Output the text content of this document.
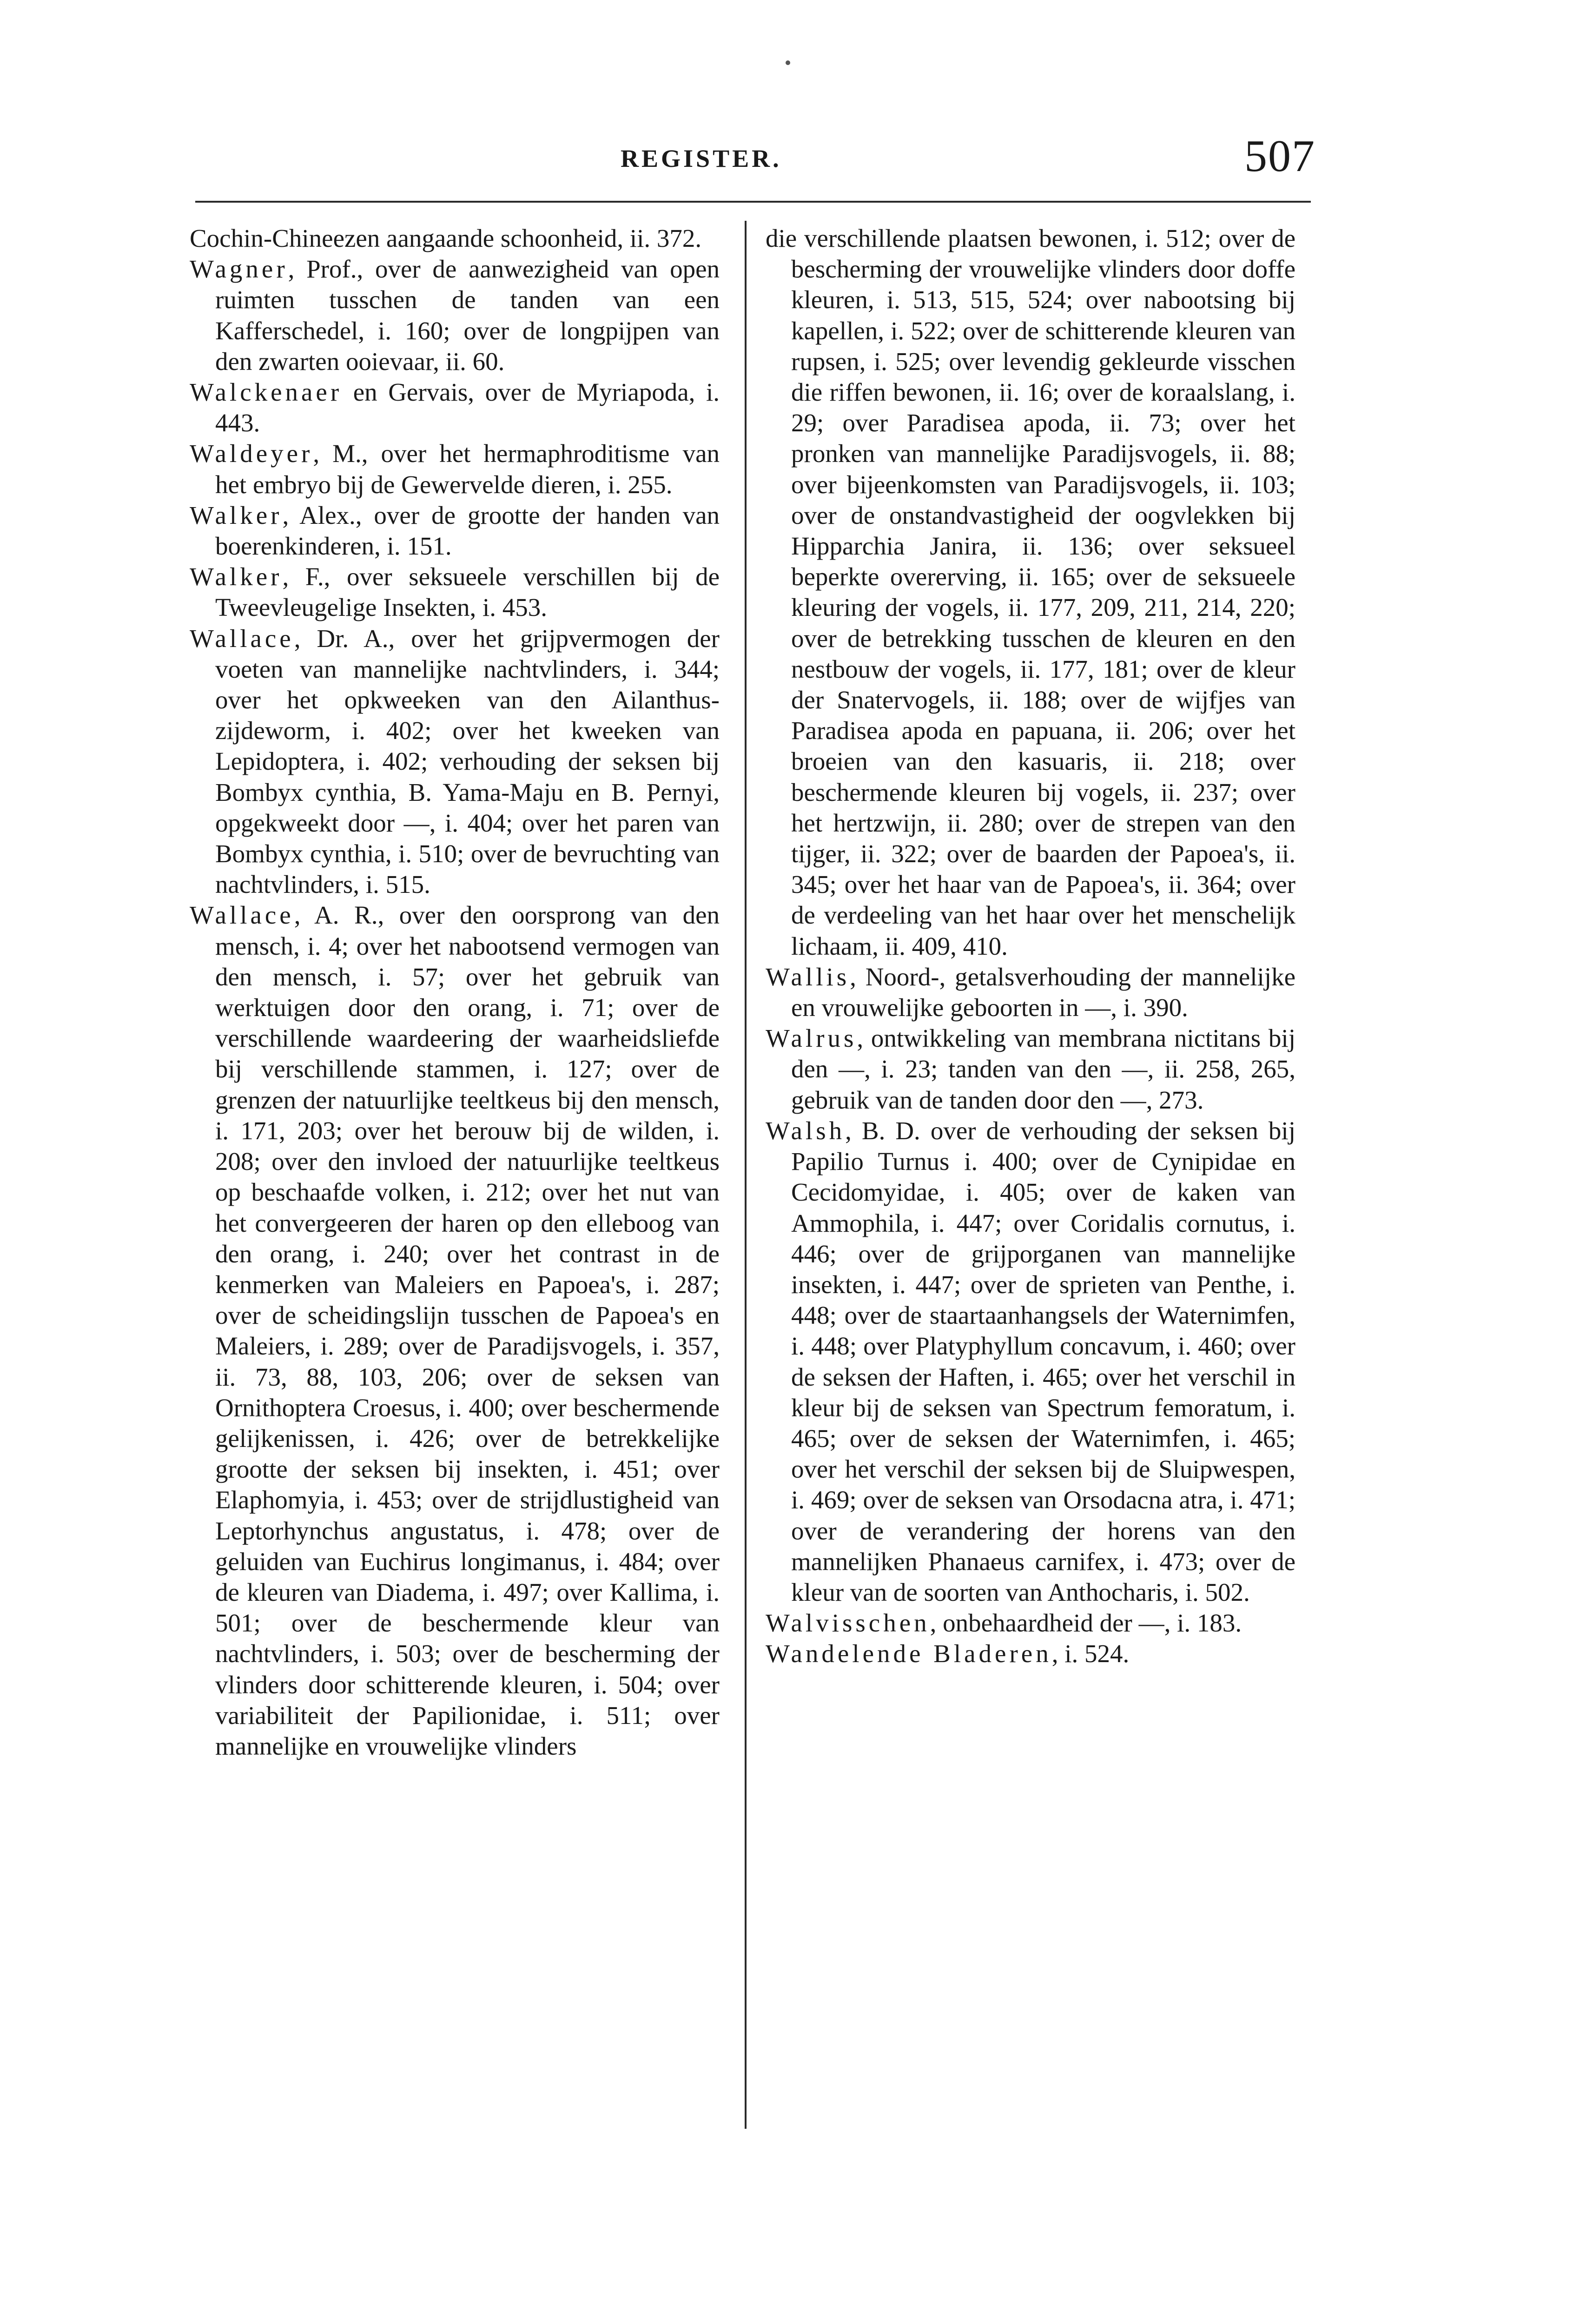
REGISTER.	507

Cochin-Chineezen aangaande schoonheid, ii. 372.

Wagner, Prof., over de aanwezigheid van open ruimten tusschen de tanden van een Kafferschedel, i. 160; over de longpijpen van den zwarten ooievaar, ii. 60.

Walckenaer en Gervais, over de Myriapoda, i. 443.

Waldeyer, M., over het hermaphroditisme van het embryo bij de Gewervelde dieren, i. 255.

Walker, Alex., over de grootte der handen van boerenkinderen, i. 151.

Walker, F., over seksueele verschillen bij de Tweevleugelige Insekten, i. 453.

Wallace, Dr. A., over het grijpvermogen der voeten van mannelijke nachtvlinders, i. 344; over het opkweeken van den Ailanthus-zijdeworm, i. 402; over het kweeken van Lepidoptera, i. 402; verhouding der seksen bij Bombyx cynthia, B. Yama-Maju en B. Pernyi, opgekweekt door —, i. 404; over het paren van Bombyx cynthia, i. 510; over de bevruchting van nachtvlinders, i. 515.

Wallace, A. R., over den oorsprong van den mensch, i. 4; over het nabootsend vermogen van den mensch, i. 57; over het gebruik van werktuigen door den orang, i. 71; over de verschillende waardeering der waarheidsliefde bij verschillende stammen, i. 127; over de grenzen der natuurlijke teeltkeus bij den mensch, i. 171, 203; over het berouw bij de wilden, i. 208; over den invloed der natuurlijke teeltkeus op beschaafde volken, i. 212; over het nut van het convergeeren der haren op den elleboog van den orang, i. 240; over het contrast in de kenmerken van Maleiers en Papoea's, i. 287; over de scheidingslijn tusschen de Papoea's en Maleiers, i. 289; over de Paradijsvogels, i. 357, ii. 73, 88, 103, 206; over de seksen van Ornithoptera Croesus, i. 400; over beschermende gelijkenissen, i. 426; over de betrekkelijke grootte der seksen bij insekten, i. 451; over Elaphomyia, i. 453; over de strijdlustigheid van Leptorhynchus angustatus, i. 478; over de geluiden van Euchirus longimanus, i. 484; over de kleuren van Diadema, i. 497; over Kallima, i. 501; over de beschermende kleur van nachtvlinders, i. 503; over de bescherming der vlinders door schitterende kleuren, i. 504; over variabiliteit der Papilionidae, i. 511; over mannelijke en vrouwelijke vlinders

die verschillende plaatsen bewonen, i. 512; over de bescherming der vrouwelijke vlinders door doffe kleuren, i. 513, 515, 524; over nabootsing bij kapellen, i. 522; over de schitterende kleuren van rupsen, i. 525; over levendig gekleurde visschen die riffen bewonen, ii. 16; over de koraalslang, i. 29; over Paradisea apoda, ii. 73; over het pronken van mannelijke Paradijsvogels, ii. 88; over bijeenkomsten van Paradijsvogels, ii. 103; over de onstandvastigheid der oogvlekken bij Hipparchia Janira, ii. 136; over seksueel beperkte overerving, ii. 165; over de seksueele kleuring der vogels, ii. 177, 209, 211, 214, 220; over de betrekking tusschen de kleuren en den nestbouw der vogels, ii. 177, 181; over de kleur der Snatervogels, ii. 188; over de wijfjes van Paradisea apoda en papuana, ii. 206; over het broeien van den kasuaris, ii. 218; over beschermende kleuren bij vogels, ii. 237; over het hertzwijn, ii. 280; over de strepen van den tijger, ii. 322; over de baarden der Papoea's, ii. 345; over het haar van de Papoea's, ii. 364; over de verdeeling van het haar over het menschelijk lichaam, ii. 409, 410.

Wallis, Noord-, getalsverhouding der mannelijke en vrouwelijke geboorten in —, i. 390.

Walrus, ontwikkeling van membrana nictitans bij den —, i. 23; tanden van den —, ii. 258, 265, gebruik van de tanden door den —, 273.

Walsh, B. D. over de verhouding der seksen bij Papilio Turnus i. 400; over de Cynipidae en Cecidomyidae, i. 405; over de kaken van Ammophila, i. 447; over Coridalis cornutus, i. 446; over de grijporganen van mannelijke insekten, i. 447; over de sprieten van Penthe, i. 448; over de staartaanhangsels der Waternimfen, i. 448; over Platyphyllum concavum, i. 460; over de seksen der Haften, i. 465; over het verschil in kleur bij de seksen van Spectrum femoratum, i. 465; over de seksen der Waternimfen, i. 465; over het verschil der seksen bij de Sluipwespen, i. 469; over de seksen van Orsodacna atra, i. 471; over de verandering der horens van den mannelijken Phanaeus carnifex, i. 473; over de kleur van de soorten van Anthocharis, i. 502.

Walvisschen, onbehaardheid der —, i. 183.

Wandelende Bladeren, i. 524.
